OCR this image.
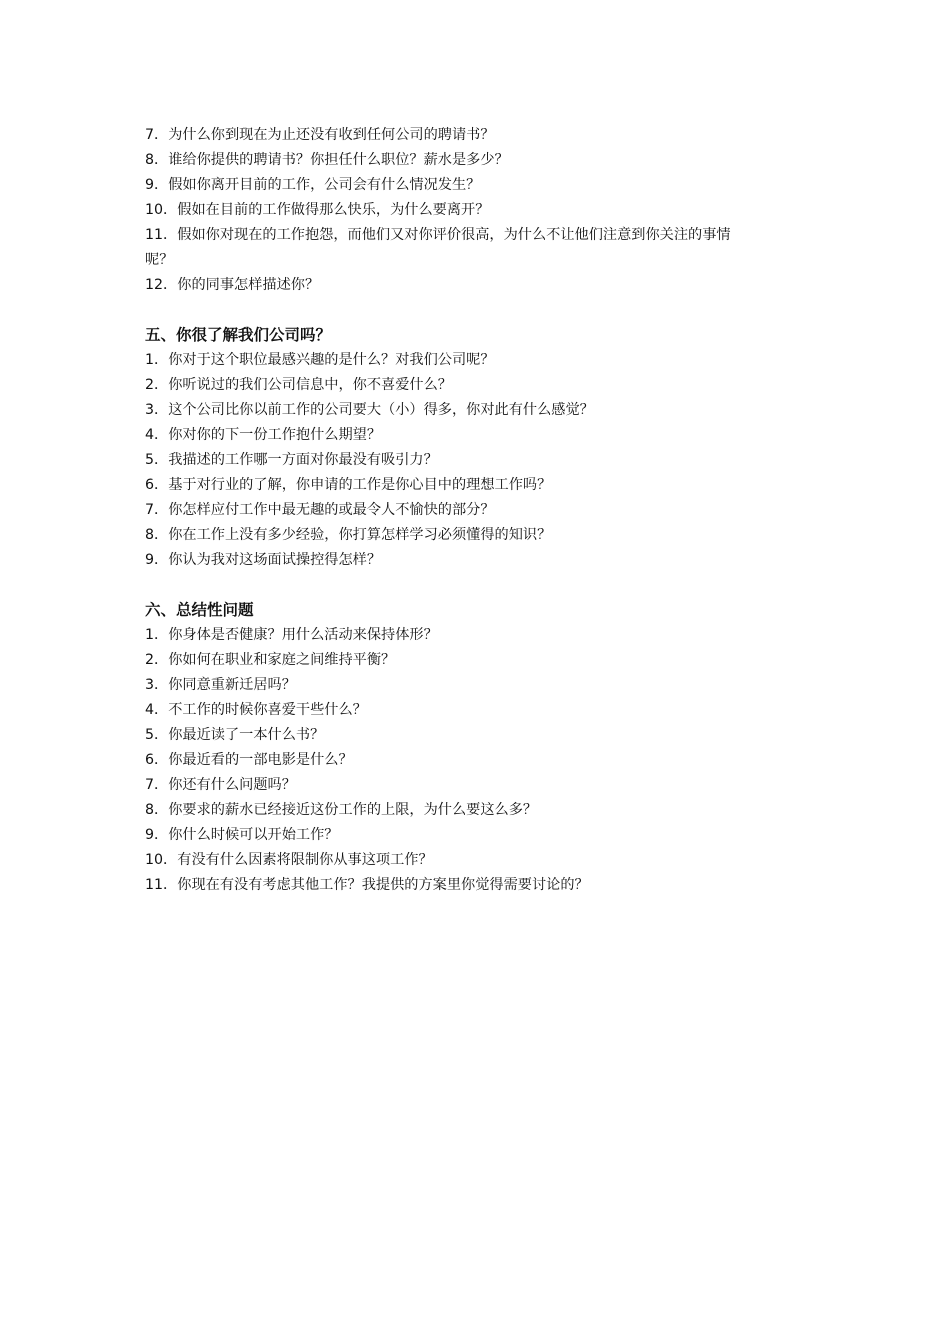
7．为什么你到现在为止还没有收到任何公司的聘请书？
8．谁给你提供的聘请书？你担任什么职位？薪水是多少？
9．假如你离开目前的工作，公司会有什么情况发生？
10．假如在目前的工作做得那么快乐，为什么要离开？
11．假如你对现在的工作抱怨，而他们又对你评价很高，为什么不让他们注意到你关注的事情呢？
12．你的同事怎样描述你？
五、你很了解我们公司吗？
1．你对于这个职位最感兴趣的是什么？对我们公司呢？
2．你听说过的我们公司信息中，你不喜爱什么？
3．这个公司比你以前工作的公司要大（小）得多，你对此有什么感觉？
4．你对你的下一份工作抱什么期望？
5．我描述的工作哪一方面对你最没有吸引力？
6．基于对行业的了解，你申请的工作是你心目中的理想工作吗？
7．你怎样应付工作中最无趣的或最令人不愉快的部分？
8．你在工作上没有多少经验，你打算怎样学习必须懂得的知识？
9．你认为我对这场面试操控得怎样？
六、总结性问题
1．你身体是否健康？用什么活动来保持体形？
2．你如何在职业和家庭之间维持平衡？
3．你同意重新迁居吗？
4．不工作的时候你喜爱干些什么？
5．你最近读了一本什么书？
6．你最近看的一部电影是什么？
7．你还有什么问题吗？
8．你要求的薪水已经接近这份工作的上限，为什么要这么多？
9．你什么时候可以开始工作？
10．有没有什么因素将限制你从事这项工作？
11．你现在有没有考虑其他工作？我提供的方案里你觉得需要讨论的？
